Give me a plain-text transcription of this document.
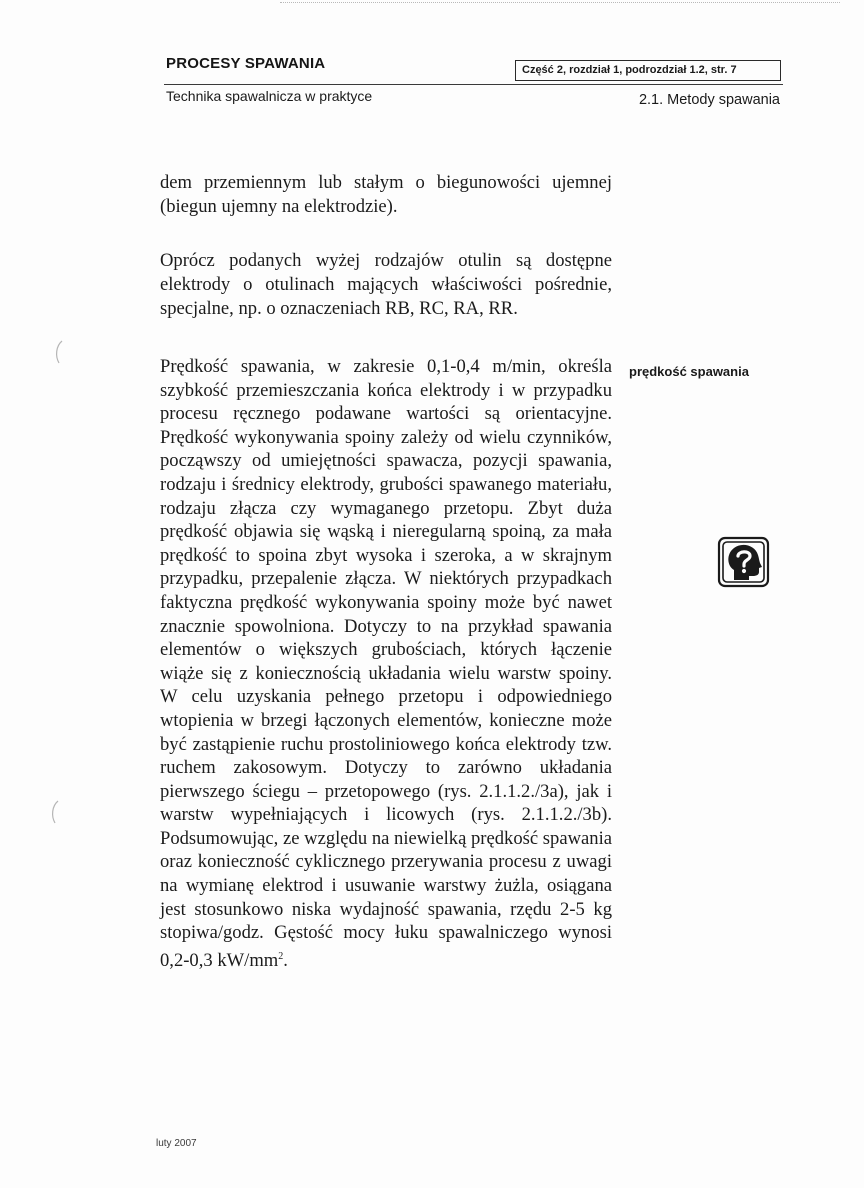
PROCESY SPAWANIA	Część 2, rozdział 1, podrozdział 1.2, str. 7
Technika spawalnicza w praktyce	2.1. Metody spawania

dem przemiennym lub stałym o biegunowości ujemnej (biegun ujemny na elektrodzie).

Oprócz podanych wyżej rodzajów otulin są dostępne elektrody o otulinach mających właściwości pośrednie, specjalne, np. o oznaczeniach RB, RC, RA, RR.

Prędkość spawania, w zakresie 0,1-0,4 m/min, określa szybkość przemieszczania końca elektrody i w przypadku procesu ręcznego podawane wartości są orientacyjne. Prędkość wykonywania spoiny zależy od wielu czynników, począwszy od umiejętności spawacza, pozycji spawania, rodzaju i średnicy elektrody, grubości spawanego materiału, rodzaju złącza czy wymaganego przetopu. Zbyt duża prędkość objawia się wąską i nieregularną spoiną, za mała prędkość to spoina zbyt wysoka i szeroka, a w skrajnym przypadku, przepalenie złącza. W niektórych przypadkach faktyczna prędkość wykonywania spoiny może być nawet znacznie spowolniona. Dotyczy to na przykład spawania elementów o większych grubościach, których łączenie wiąże się z koniecznością układania wielu warstw spoiny. W celu uzyskania pełnego przetopu i odpowiedniego wtopienia w brzegi łączonych elementów, konieczne może być zastąpienie ruchu prostoliniowego końca elektrody tzw. ruchem zakosowym. Dotyczy to zarówno układania pierwszego ściegu – przetopowego (rys. 2.1.1.2./3a), jak i warstw wypełniających i licowych (rys. 2.1.1.2./3b). Podsumowując, ze względu na niewielką prędkość spawania oraz konieczność cyklicznego przerywania procesu z uwagi na wymianę elektrod i usuwanie warstwy żużla, osiągana jest stosunkowo niska wydajność spawania, rzędu 2-5 kg stopiwa/godz. Gęstość mocy łuku spawalniczego wynosi 0,2-0,3 $kW/mm^2$.

prędkość spawania
luty 2007
